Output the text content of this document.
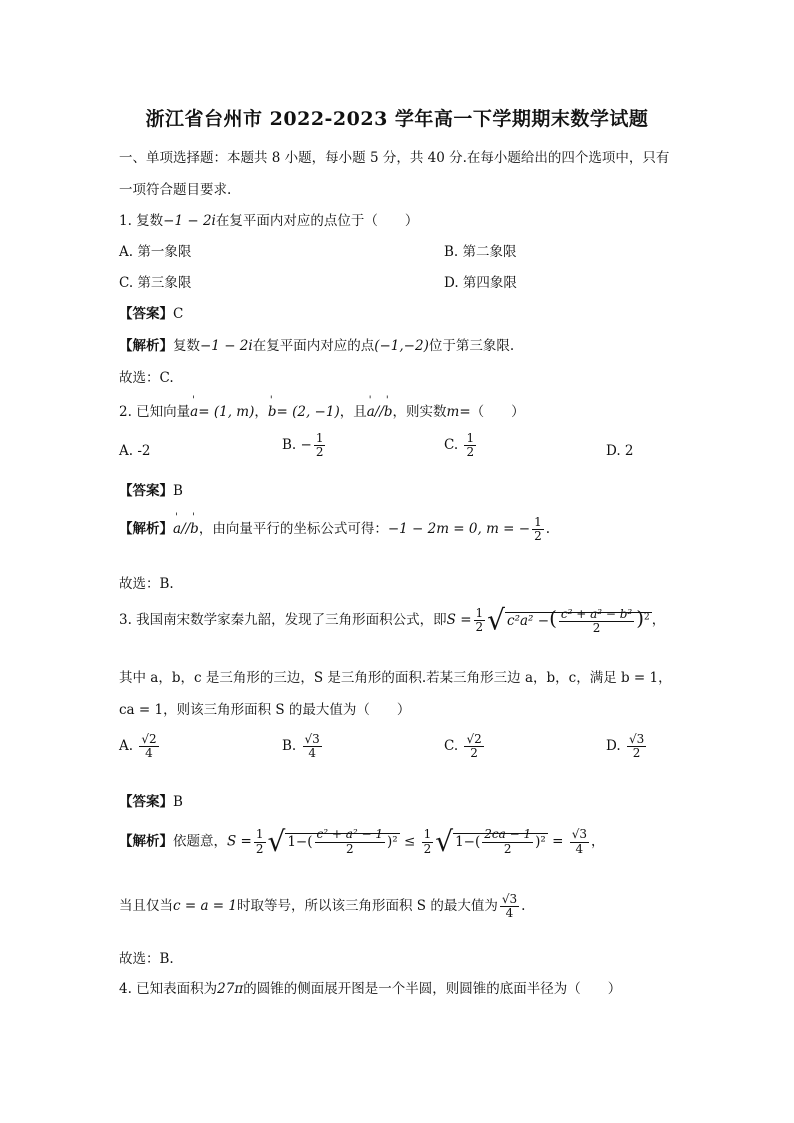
浙江省台州市 2022-2023 学年高一下学期期末数学试题
一、单项选择题：本题共 8 小题，每小题 5 分，共 40 分.在每小题给出的四个选项中，只有
一项符合题目要求.
1. 复数−1 − 2i在复平面内对应的点位于（　　）
A. 第一象限	B. 第二象限
C. 第三象限	D. 第四象限
【答案】C
【解析】复数−1 − 2i在复平面内对应的点(−1,−2)位于第三象限.
故选：C.
2. 已知向量' a= (1, m)，' b= (2, −1)，且' a//' b，则实数m=（　　）
A. -2	B. − $\frac{1}{2}$	C. $\frac{1}{2}$	D. 2
【答案】B
【解析】' a//' b，由向量平行的坐标公式可得：−1 − 2m = 0, m = − $\frac{1}{2}$ .
故选：B.
3. 我国南宋数学家秦九韶，发现了三角形面积公式，即$S = \frac{1}{2}$ √ c²a² −( $\frac{\text{c² + a² − b²}}{2} )^2$ ，
其中 a，b，c 是三角形的三边，S 是三角形的面积.若某三角形三边 a，b，c，满足 b = 1，
ca = 1，则该三角形面积 S 的最大值为（　　）
A. $\frac{√2}{4}$	B. $\frac{√3}{4}$	C. $\frac{√2}{2}$	D. $\frac{√3}{2}$
【答案】B
【解析】依题意，$S = \frac{1}{2}$ √ $1-( \frac{\text{c² + a² − 1}}{2} )^2 \le \frac{1}{2}$ √ $1-( \frac{2ca - 1}{2} )^2 = \frac{√3}{4}$ ，
当且仅当c = a = 1时取等号，所以该三角形面积 S 的最大值为 $\frac{√3}{4}$ .
故选：B.
4. 已知表面积为27π的圆锥的侧面展开图是一个半圆，则圆锥的底面半径为（　　）
